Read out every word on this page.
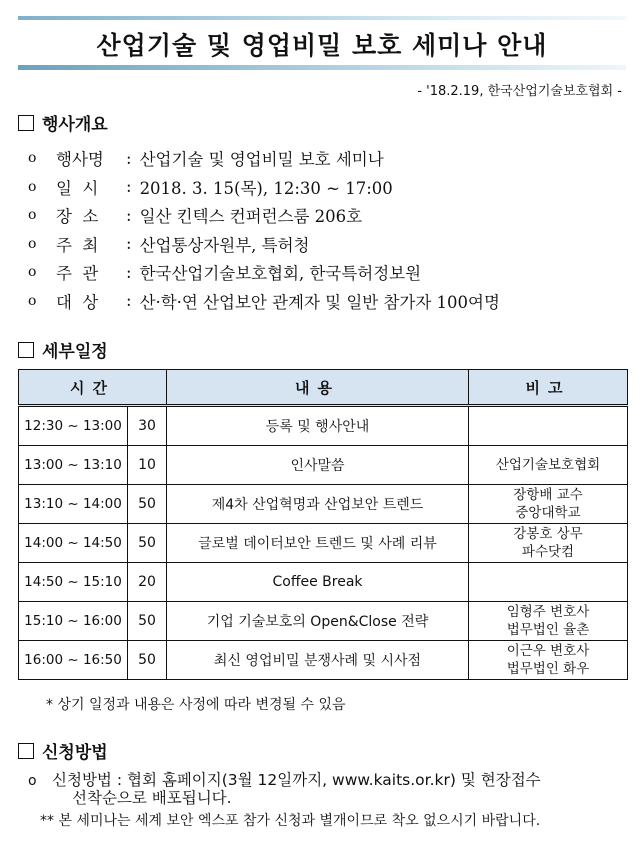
산업기술 및 영업비밀 보호 세미나 안내
- '18.2.19, 한국산업기술보호협회 -
행사개요
o	행사명	: 산업기술 및 영업비밀 보호 세미나
o	일  시	: 2018. 3. 15(목), 12:30 ~ 17:00
o	장  소	: 일산 킨텍스 컨퍼런스룸 206호
o	주  최	: 산업통상자원부, 특허청
o	주  관	: 한국산업기술보호협회, 한국특허정보원
o	대  상	: 산·학·연 산업보안 관계자 및 일반 참가자 100여명
세부일정
시간		내용	비고
12:30 ~ 13:00	30	등록 및 행사안내	
13:00 ~ 13:10	10	인사말씀	산업기술보호협회
13:10 ~ 14:00	50	제4차 산업혁명과 산업보안 트렌드	장항배 교수
중앙대학교

14:00 ~ 14:50	50	글로벌 데이터보안 트렌드 및 사례 리뷰	강봉호 상무
파수닷컴

14:50 ~ 15:10	20	Coffee Break	
15:10 ~ 16:00	50	기업 기술보호의 Open&Close 전략	임형주 변호사
법무법인 율촌

16:00 ~ 16:50	50	최신 영업비밀 분쟁사례 및 시사점	이근우 변호사
법무법인 화우
* 상기 일정과 내용은 사정에 따라 변경될 수 있음
신청방법
o 신청방법 : 협회 홈페이지(3월 12일까지, www.kaits.or.kr) 및 현장접수
선착순으로 배포됩니다.
** 본 세미나는 세계 보안 엑스포 참가 신청과 별개이므로 착오 없으시기 바랍니다.
